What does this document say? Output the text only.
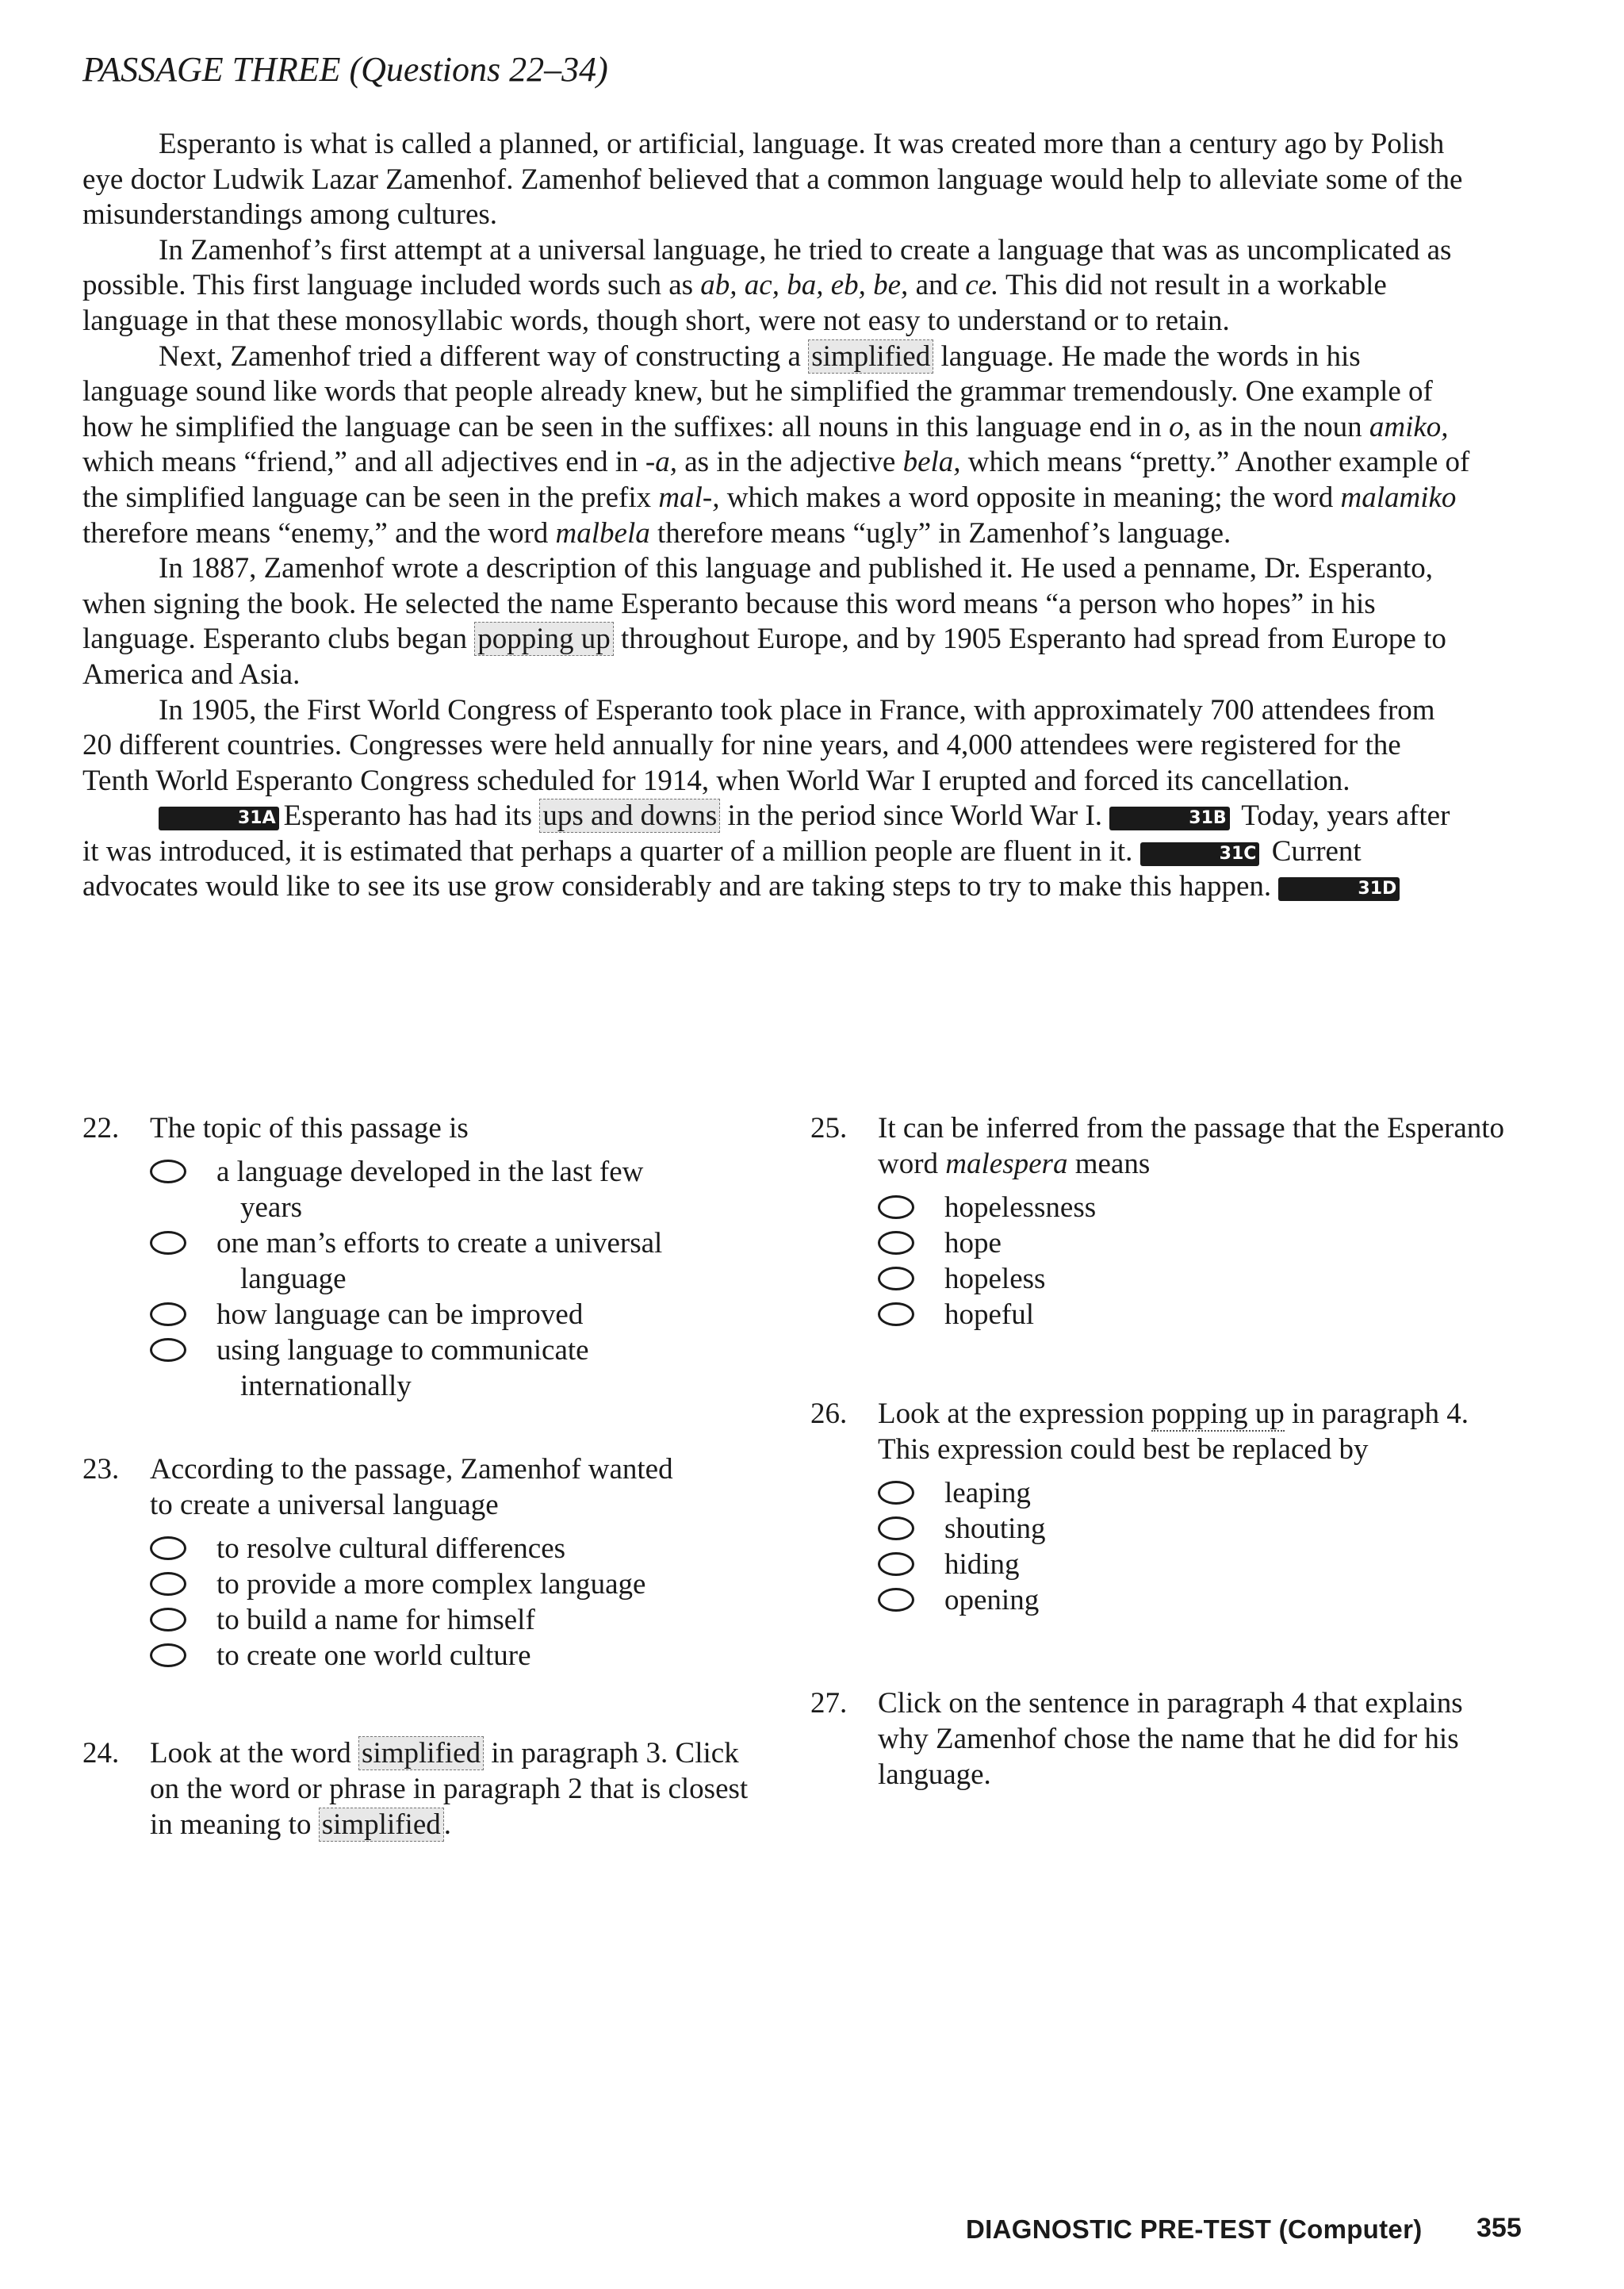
PASSAGE THREE (Questions 22–34)

Esperanto is what is called a planned, or artificial, language. It was created more than a century ago by Polish eye doctor Ludwik Lazar Zamenhof. Zamenhof believed that a common language would help to alleviate some of the misunderstandings among cultures.

In Zamenhof’s first attempt at a universal language, he tried to create a language that was as uncomplicated as possible. This first language included words such as ab, ac, ba, eb, be, and ce. This did not result in a workable language in that these monosyllabic words, though short, were not easy to understand or to retain.

Next, Zamenhof tried a different way of constructing a simplified language. He made the words in his language sound like words that people already knew, but he simplified the grammar tremendously. One example of how he simplified the language can be seen in the suffixes: all nouns in this language end in o, as in the noun amiko, which means “friend,” and all adjectives end in -a, as in the adjective bela, which means “pretty.” Another example of the simplified language can be seen in the prefix mal-, which makes a word opposite in meaning; the word malamiko therefore means “enemy,” and the word malbela therefore means “ugly” in Zamenhof’s language.

In 1887, Zamenhof wrote a description of this language and published it. He used a penname, Dr. Esperanto, when signing the book. He selected the name Esperanto because this word means “a person who hopes” in his language. Esperanto clubs began popping up throughout Europe, and by 1905 Esperanto had spread from Europe to America and Asia.

In 1905, the First World Congress of Esperanto took place in France, with approximately 700 attendees from 20 different countries. Congresses were held annually for nine years, and 4,000 attendees were registered for the Tenth World Esperanto Congress scheduled for 1914, when World War I erupted and forced its cancellation.

31A Esperanto has had its ups and downs in the period since World War I.	31B Today, years after it was introduced, it is estimated that perhaps a quarter of a million people are fluent in it.	31C Current advocates would like to see its use grow considerably and are taking steps to try to make this happen.	31D

22.	The topic of this passage is
a language developed in the last few
years
one man’s efforts to create a universal
language
how language can be improved
using language to communicate
internationally
23.	According to the passage, Zamenhof wanted to create a universal language
to resolve cultural differences
to provide a more complex language
to build a name for himself
to create one world culture
24.	Look at the word simplified in paragraph 3. Click on the word or phrase in paragraph 2 that is closest in meaning to simplified .
25.	It can be inferred from the passage that the Esperanto word malespera means
hopelessness
hope
hopeless
hopeful
26.	Look at the expression popping up in paragraph 4. This expression could best be replaced by
leaping
shouting
hiding
opening
27.	Click on the sentence in paragraph 4 that explains why Zamenhof chose the name that he did for his language.
DIAGNOSTIC PRE-TEST (Computer) 355
